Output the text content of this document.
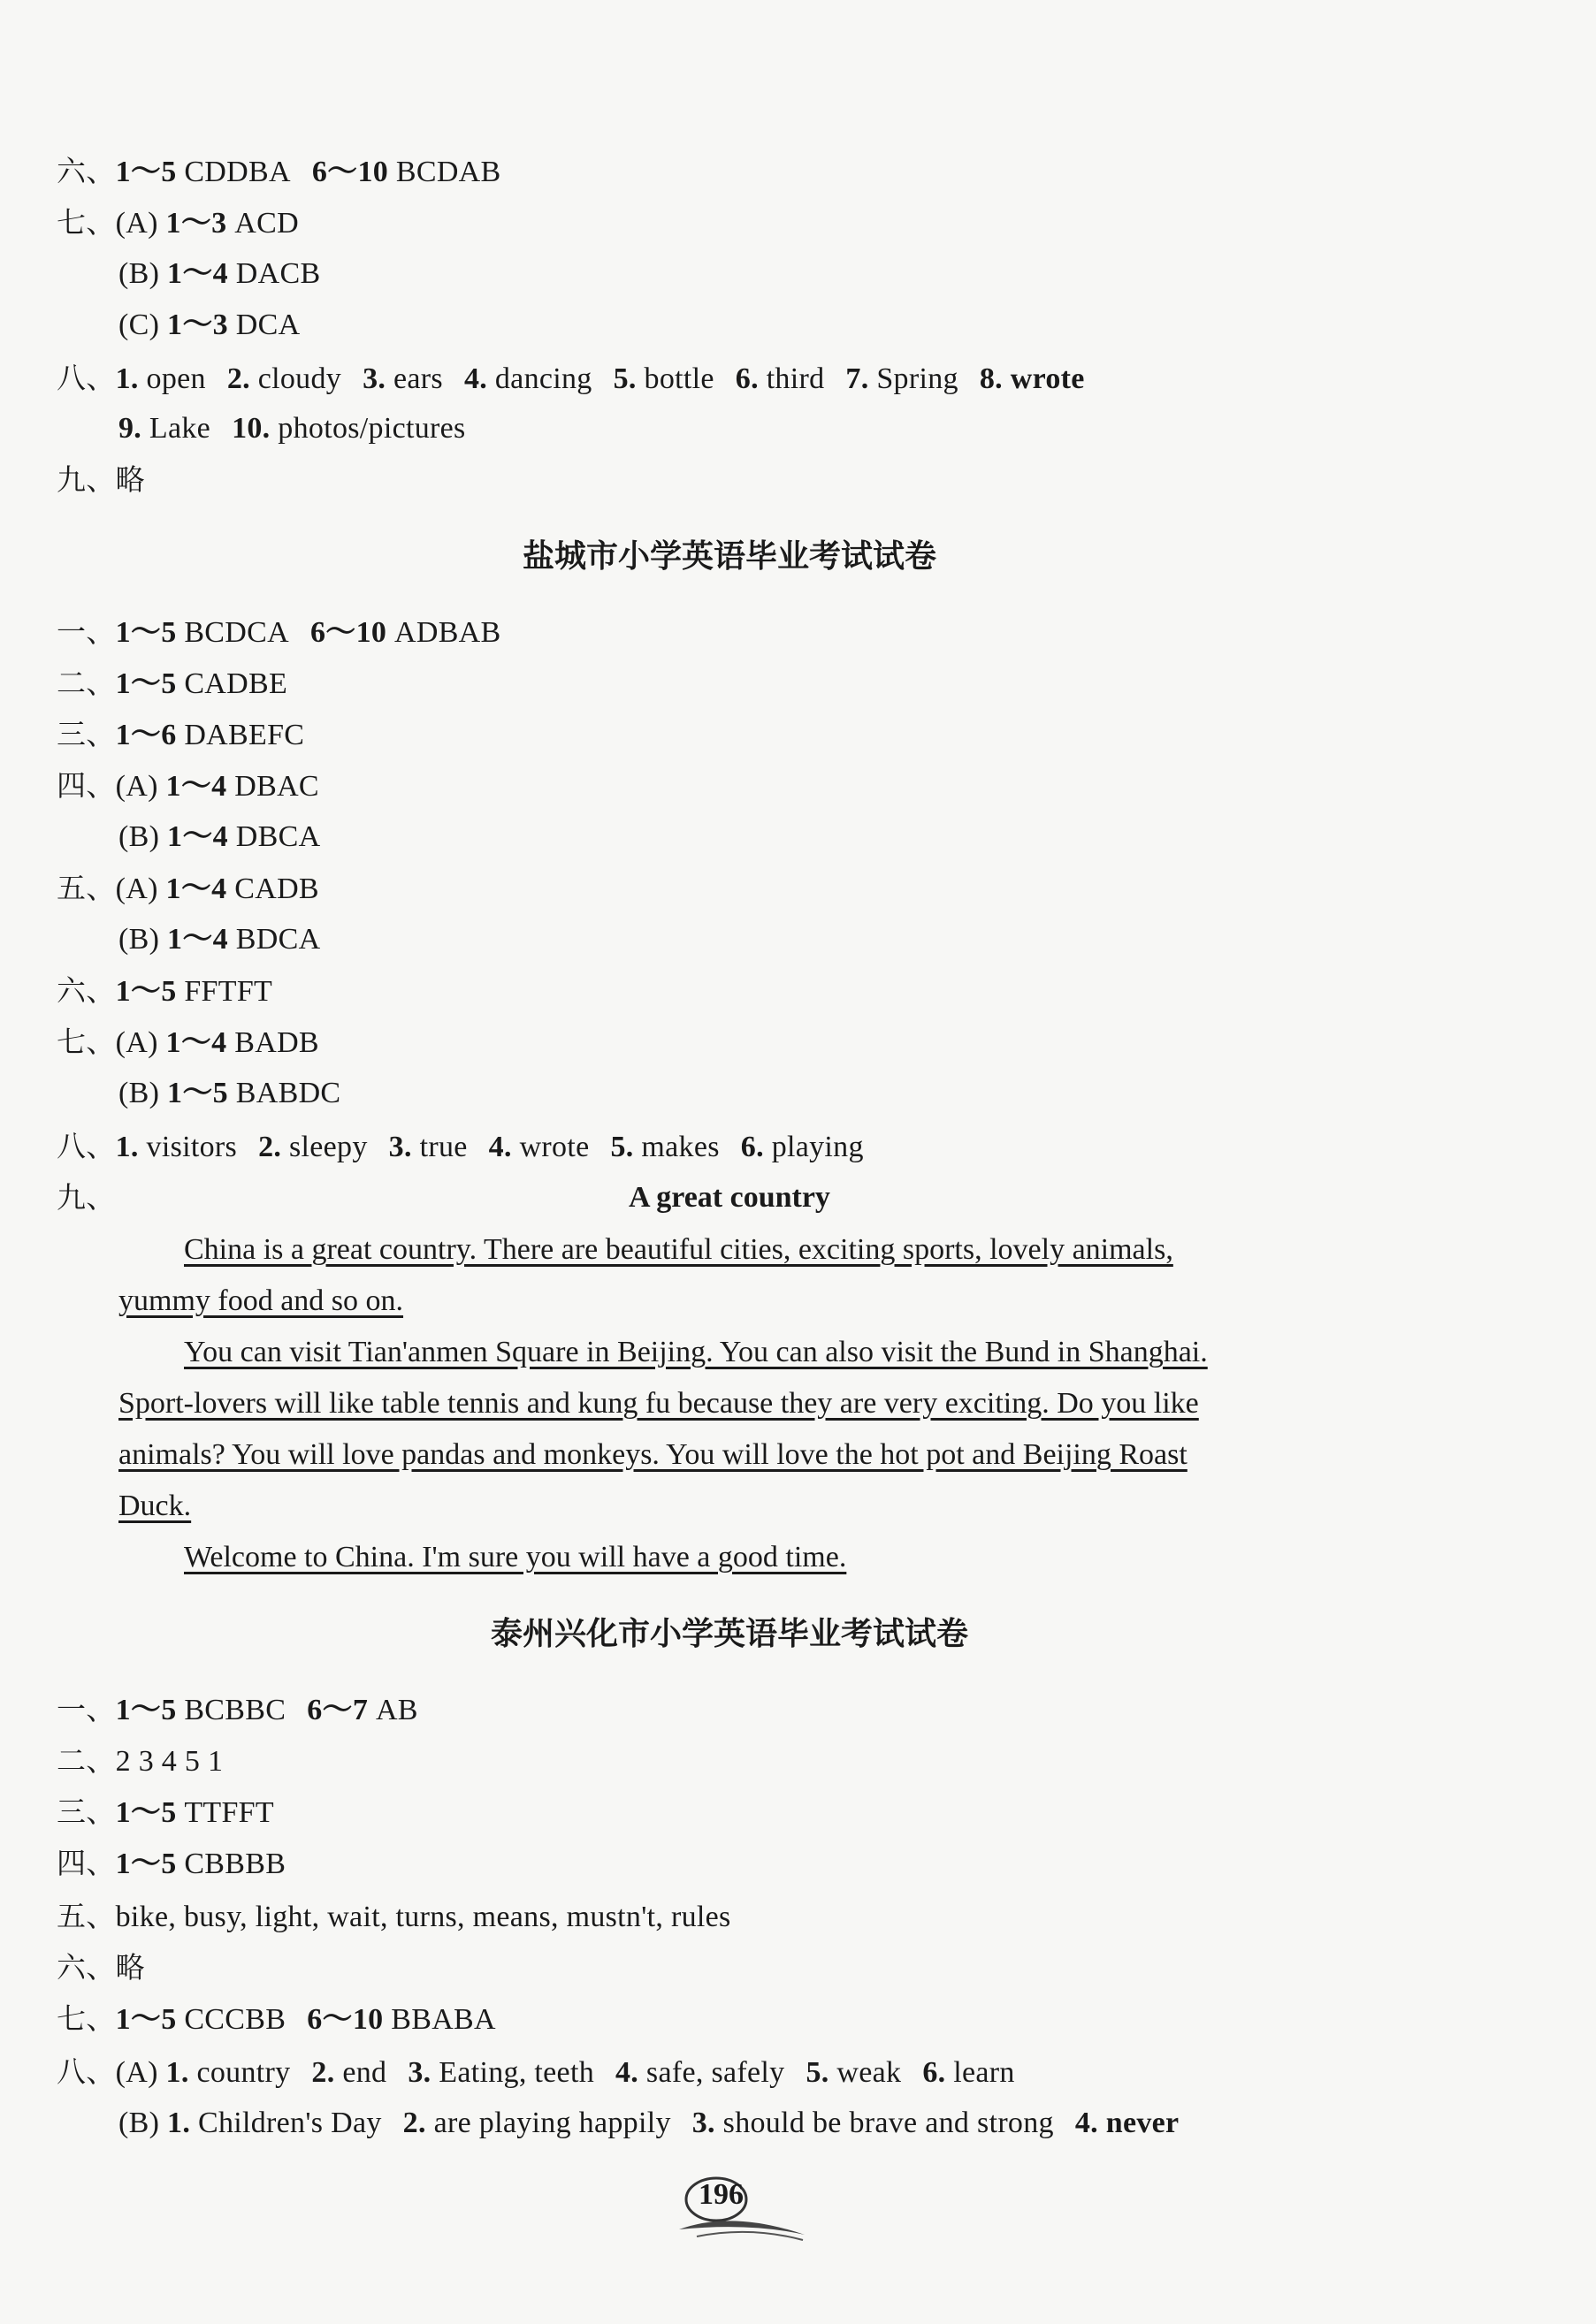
六、1～5 CDDBA 6～10 BCDAB
七、(A) 1～3 ACD
(B) 1～4 DACB
(C) 1～3 DCA
八、1. open 2. cloudy 3. ears 4. dancing 5. bottle 6. third 7. Spring 8. wrote
9. Lake 10. photos/pictures
九、略
盐城市小学英语毕业考试试卷
一、1～5 BCDCA 6～10 ADBAB
二、1～5 CADBE
三、1～6 DABEFC
四、(A) 1～4 DBAC
(B) 1～4 DBCA
五、(A) 1～4 CADB
(B) 1～4 BDCA
六、1～5 FFTFT
七、(A) 1～4 BADB
(B) 1～5 BABDC
八、1. visitors 2. sleepy 3. true 4. wrote 5. makes 6. playing
九、	A great country
China is a great country. There are beautiful cities, exciting sports, lovely animals,
yummy food and so on.
You can visit Tian'anmen Square in Beijing. You can also visit the Bund in Shanghai.
Sport-lovers will like table tennis and kung fu because they are very exciting. Do you like
animals? You will love pandas and monkeys. You will love the hot pot and Beijing Roast
Duck.
Welcome to China. I'm sure you will have a good time.
泰州兴化市小学英语毕业考试试卷
一、1～5 BCBBC 6～7 AB
二、2 3 4 5 1
三、1～5 TTFFT
四、1～5 CBBBB
五、bike, busy, light, wait, turns, means, mustn't, rules
六、略
七、1～5 CCCBB 6～10 BBABA
八、(A) 1. country 2. end 3. Eating, teeth 4. safe, safely 5. weak 6. learn
(B) 1. Children's Day 2. are playing happily 3. should be brave and strong 4. never
196
